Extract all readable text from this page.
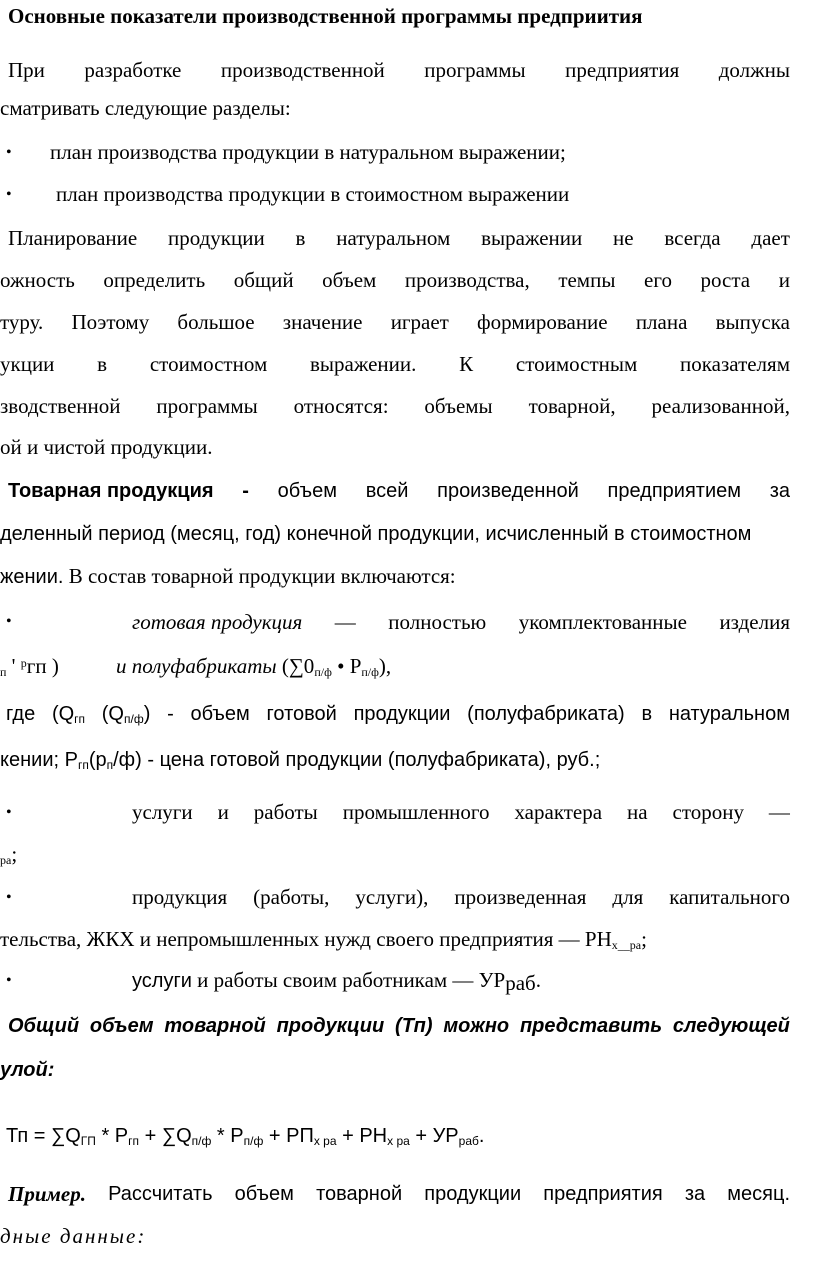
Основные показатели производственной программы предприития
При разработке производственной программы предприятия должны
сматривать следующие разделы:
• план производства продукции в натуральном выражении;
• план производства продукции в стоимостном выражении
Планирование продукции в натуральном выражении не всегда дает
ожность определить общий объем производства, темпы его роста и
туру. Поэтому большое значение играет формирование плана выпуска
укции в стоимостном выражении. К стоимостным показателям
зводственной программы относятся: объемы товарной, реализованной,
ой и чистой продукции.
Товарная продукция - объем всей произведенной предприятием за
деленный период (месяц, год) конечной продукции, исчисленный в стоимостном
жении. В состав товарной продукции включаются:
•	готовая продукция — полностью укомплектованные изделия
$_п$ ' $^р$гп )	и полуфабрикаты ($\sum 0_{п/ф}$ • $Р_{п/ф}$),
где ($Q_{гп}$ $(Q_{п/ф})$ - объем готовой продукции (полуфабриката) в натуральном
кении; $Р_{гп}(р_п/ф)$ - цена готовой продукции (полуфабриката), руб.;
•	услуги и работы промышленного характера на сторону —
$_{ра}$;
•	продукция (работы, услуги), произведенная для капитального
тельства, ЖКХ и непромышленных нужд своего предприятия — $РН_{х\_\_ра}$;
•	услуги и работы своим работникам — $УР_{раб}$.
Общий объем товарной продукции (Тп) можно представить следующей
улой:
Тп = $\sum Q_{ГП} * Р_{гп} + \sum Q_{п/ф} * Р_{п/ф} + РП_{х ра} + РН_{х ра} + УР_{раб}$.
Пример. Рассчитать объем товарной продукции предприятия за месяц.
дные данные:
